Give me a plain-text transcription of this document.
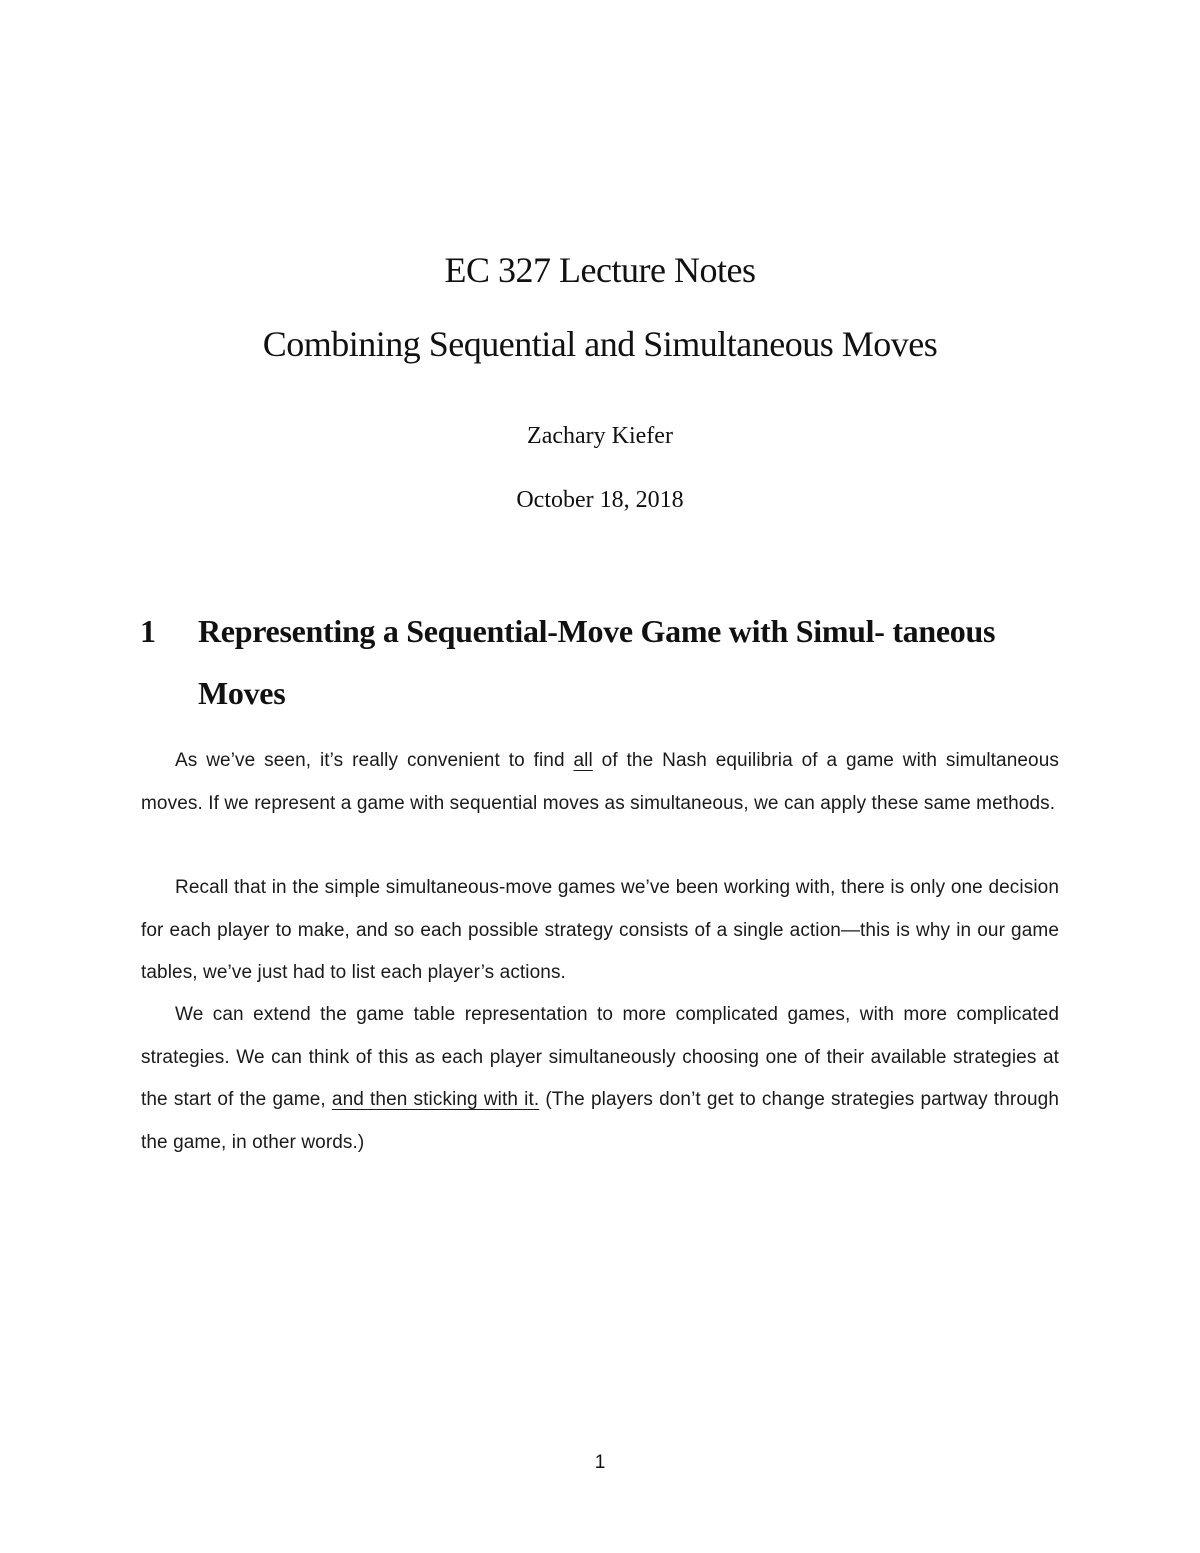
EC 327 Lecture Notes
Combining Sequential and Simultaneous Moves
Zachary Kiefer
October 18, 2018
1 Representing a Sequential-Move Game with Simul- taneous Moves

As we’ve seen, it’s really convenient to find all of the Nash equilibria of a game with simultaneous moves. If we represent a game with sequential moves as simultaneous, we can apply these same methods.

Recall that in the simple simultaneous-move games we’ve been working with, there is only one decision for each player to make, and so each possible strategy consists of a single action—this is why in our game tables, we’ve just had to list each player’s actions.

We can extend the game table representation to more complicated games, with more complicated strategies. We can think of this as each player simultaneously choosing one of their available strategies at the start of the game, and then sticking with it. (The players don’t get to change strategies partway through the game, in other words.)

1
